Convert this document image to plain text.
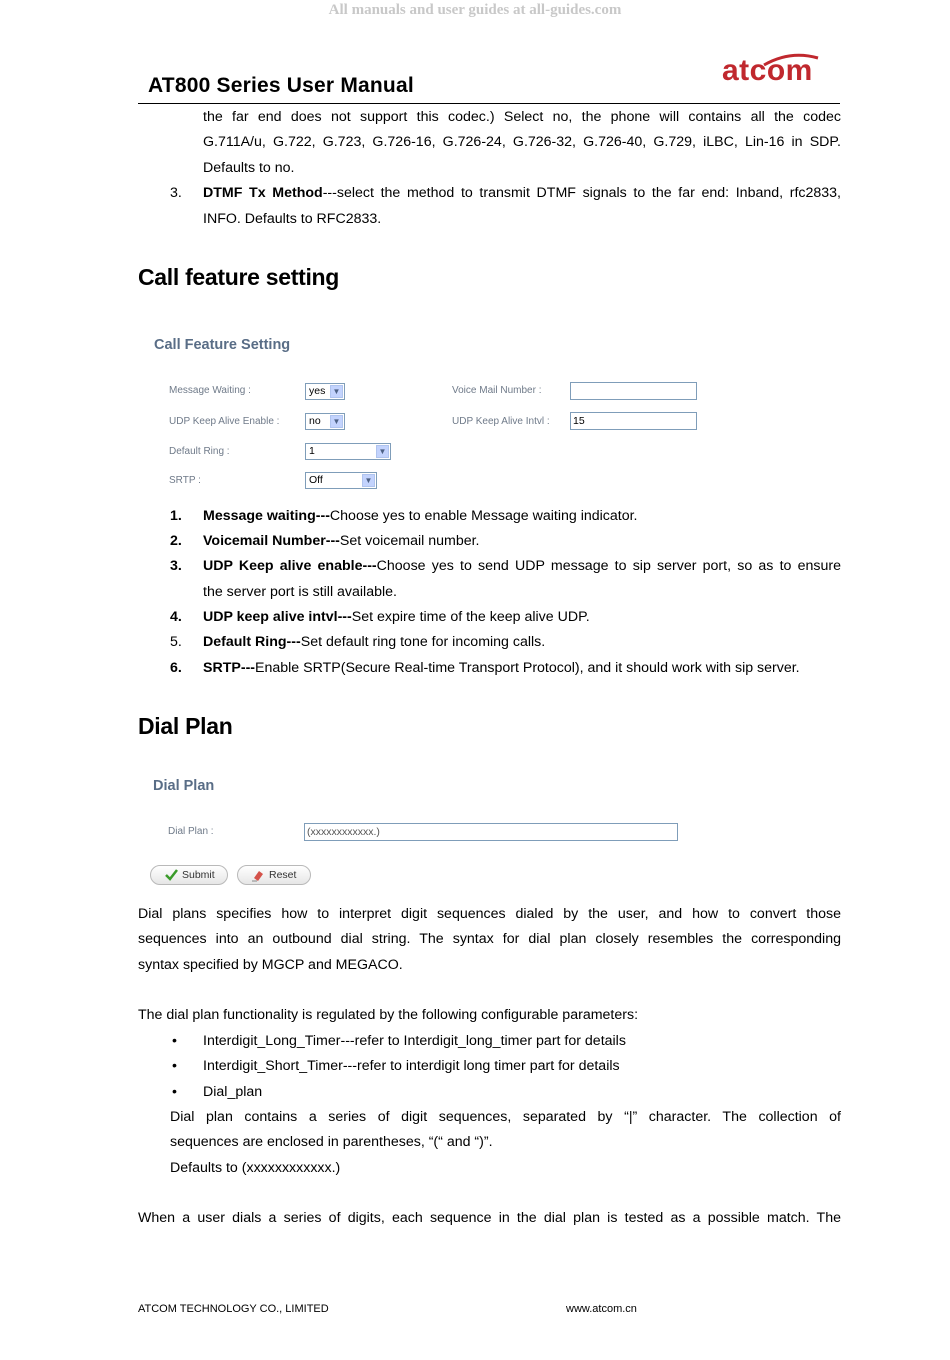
All manuals and user guides at all-guides.com
AT800 Series User Manual	atcom
the far end does not support this codec.) Select no, the phone will contains all the codec
G.711A/u, G.722, G.723, G.726-16, G.726-24, G.726-32, G.726-40, G.729, iLBC, Lin-16 in SDP.
Defaults to no.
3. DTMF Tx Method---select the method to transmit DTMF signals to the far end: Inband, rfc2833,
INFO. Defaults to RFC2833.
Call feature setting
Call Feature Setting
Message Waiting :	yes ▼	Voice Mail Number :
UDP Keep Alive Enable :	no	▼	UDP Keep Alive Intvl : 15
Default Ring :	1	▼
SRTP :	Off	▼
1. Message waiting---Choose yes to enable Message waiting indicator.
2. Voicemail Number---Set voicemail number.
3. UDP Keep alive enable---Choose yes to send UDP message to sip server port, so as to ensure
the server port is still available.
4. UDP keep alive intvl---Set expire time of the keep alive UDP.
5. Default Ring---Set default ring tone for incoming calls.
6. SRTP---Enable SRTP(Secure Real-time Transport Protocol), and it should work with sip server.
Dial Plan
Dial Plan
Dial Plan :	(xxxxxxxxxxxx.)
Submit	Reset
Dial plans specifies how to interpret digit sequences dialed by the user, and how to convert those
sequences into an outbound dial string. The syntax for dial plan closely resembles the corresponding
syntax specified by MGCP and MEGACO.
The dial plan functionality is regulated by the following configurable parameters:
• Interdigit_Long_Timer---refer to Interdigit_long_timer part for details
• Interdigit_Short_Timer---refer to interdigit long timer part for details
• Dial_plan
Dial plan contains a series of digit sequences, separated by “|” character. The collection of
sequences are enclosed in parentheses, “(“ and “)”.
Defaults to (xxxxxxxxxxxx.)
When a user dials a series of digits, each sequence in the dial plan is tested as a possible match. The
ATCOM TECHNOLOGY CO., LIMITED	www.atcom.cn
